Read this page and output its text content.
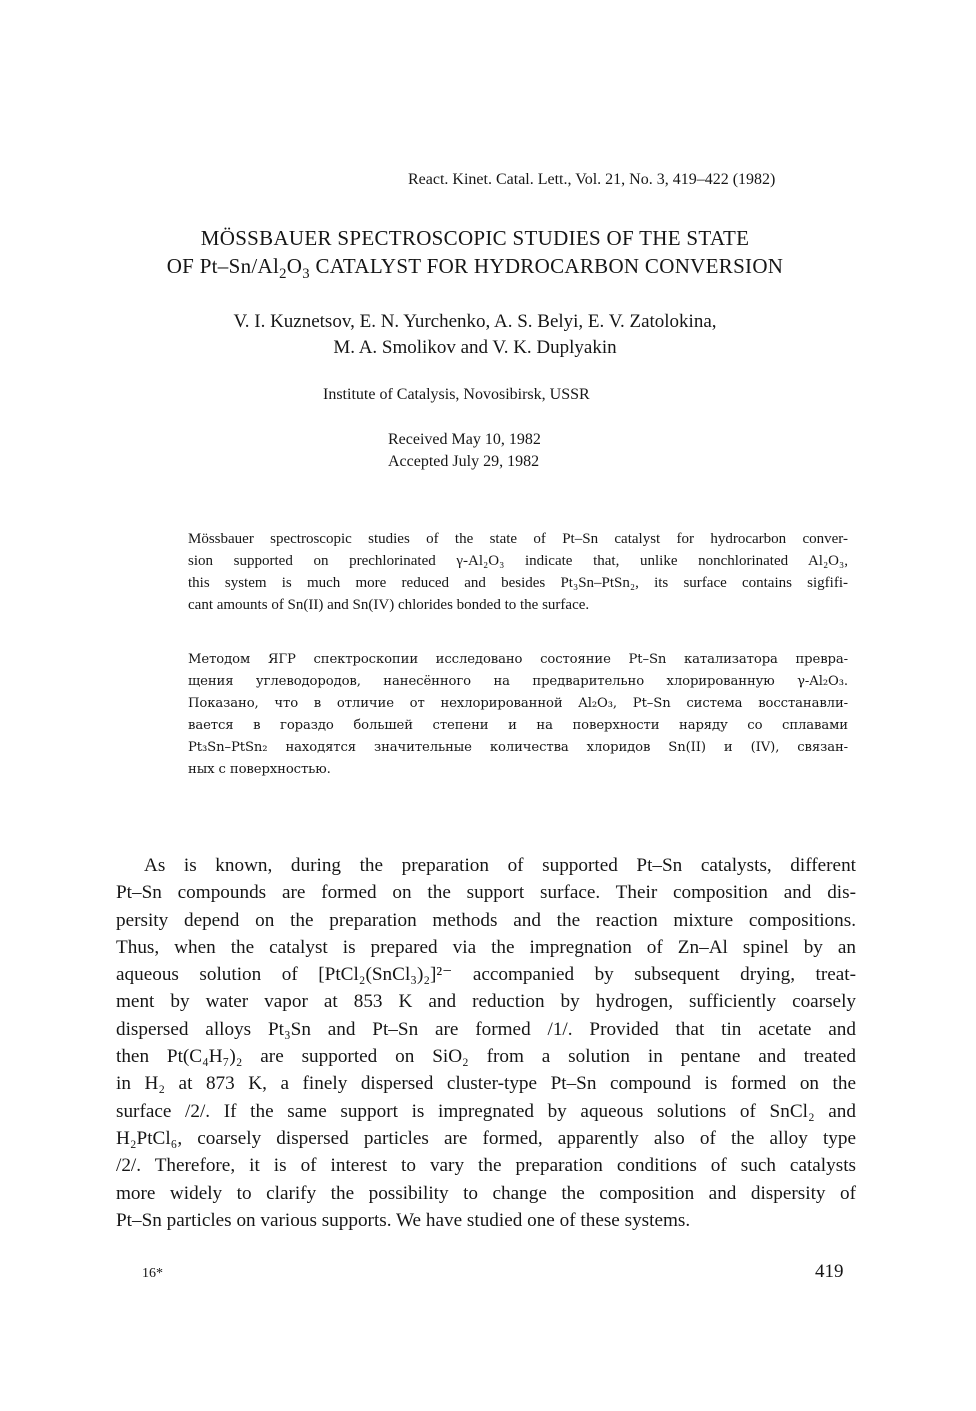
React. Kinet. Catal. Lett., Vol. 21, No. 3, 419–422 (1982)
MÖSSBAUER SPECTROSCOPIC STUDIES OF THE STATE
OF $Pt-Sn/Al_2O_3$ CATALYST FOR HYDROCARBON CONVERSION
V. I. Kuznetsov, E. N. Yurchenko, A. S. Belyi, E. V. Zatolokina,
M. A. Smolikov and V. K. Duplyakin
Institute of Catalysis, Novosibirsk, USSR
Received May 10, 1982
Accepted July 29, 1982
Mössbauer spectroscopic studies of the state of Pt–Sn catalyst for hydrocarbon conver-
sion supported on prechlorinated γ-Al₂O₃ indicate that, unlike nonchlorinated Al₂O₃,
this system is much more reduced and besides Pt₃Sn–PtSn₂, its surface contains sigfifi-
cant amounts of Sn(II) and Sn(IV) chlorides bonded to the surface.
Методом ЯГР спектроскопии исследовано состояние Pt–Sn катализатора превра-
щения углеводородов, нанесённого на предварительно хлорированную γ-Al₂O₃.
Показано, что в отличие от нехлорированной Al₂O₃, Pt–Sn система восстанавли-
вается в гораздо большей степени и на поверхности наряду со сплавами
Pt₃Sn–PtSn₂ находятся значительные количества хлоридов Sn(II) и (IV), связан-
ных с поверхностью.
As is known, during the preparation of supported Pt–Sn catalysts, different
Pt–Sn compounds are formed on the support surface. Their composition and dis-
persity depend on the preparation methods and the reaction mixture compositions.
Thus, when the catalyst is prepared via the impregnation of Zn–Al spinel by an
aqueous solution of [PtCl₂(SnCl₃)₂]²⁻ accompanied by subsequent drying, treat-
ment by water vapor at 853 K and reduction by hydrogen, sufficiently coarsely
dispersed alloys Pt₃Sn and Pt–Sn are formed /1/. Provided that tin acetate and
then Pt(C₄H₇)₂ are supported on SiO₂ from a solution in pentane and treated
in H₂ at 873 K, a finely dispersed cluster-type Pt–Sn compound is formed on the
surface /2/. If the same support is impregnated by aqueous solutions of SnCl₂ and
H₂PtCl₆, coarsely dispersed particles are formed, apparently also of the alloy type
/2/. Therefore, it is of interest to vary the preparation conditions of such catalysts
more widely to clarify the possibility to change the composition and dispersity of
Pt–Sn particles on various supports. We have studied one of these systems.
16*	419
